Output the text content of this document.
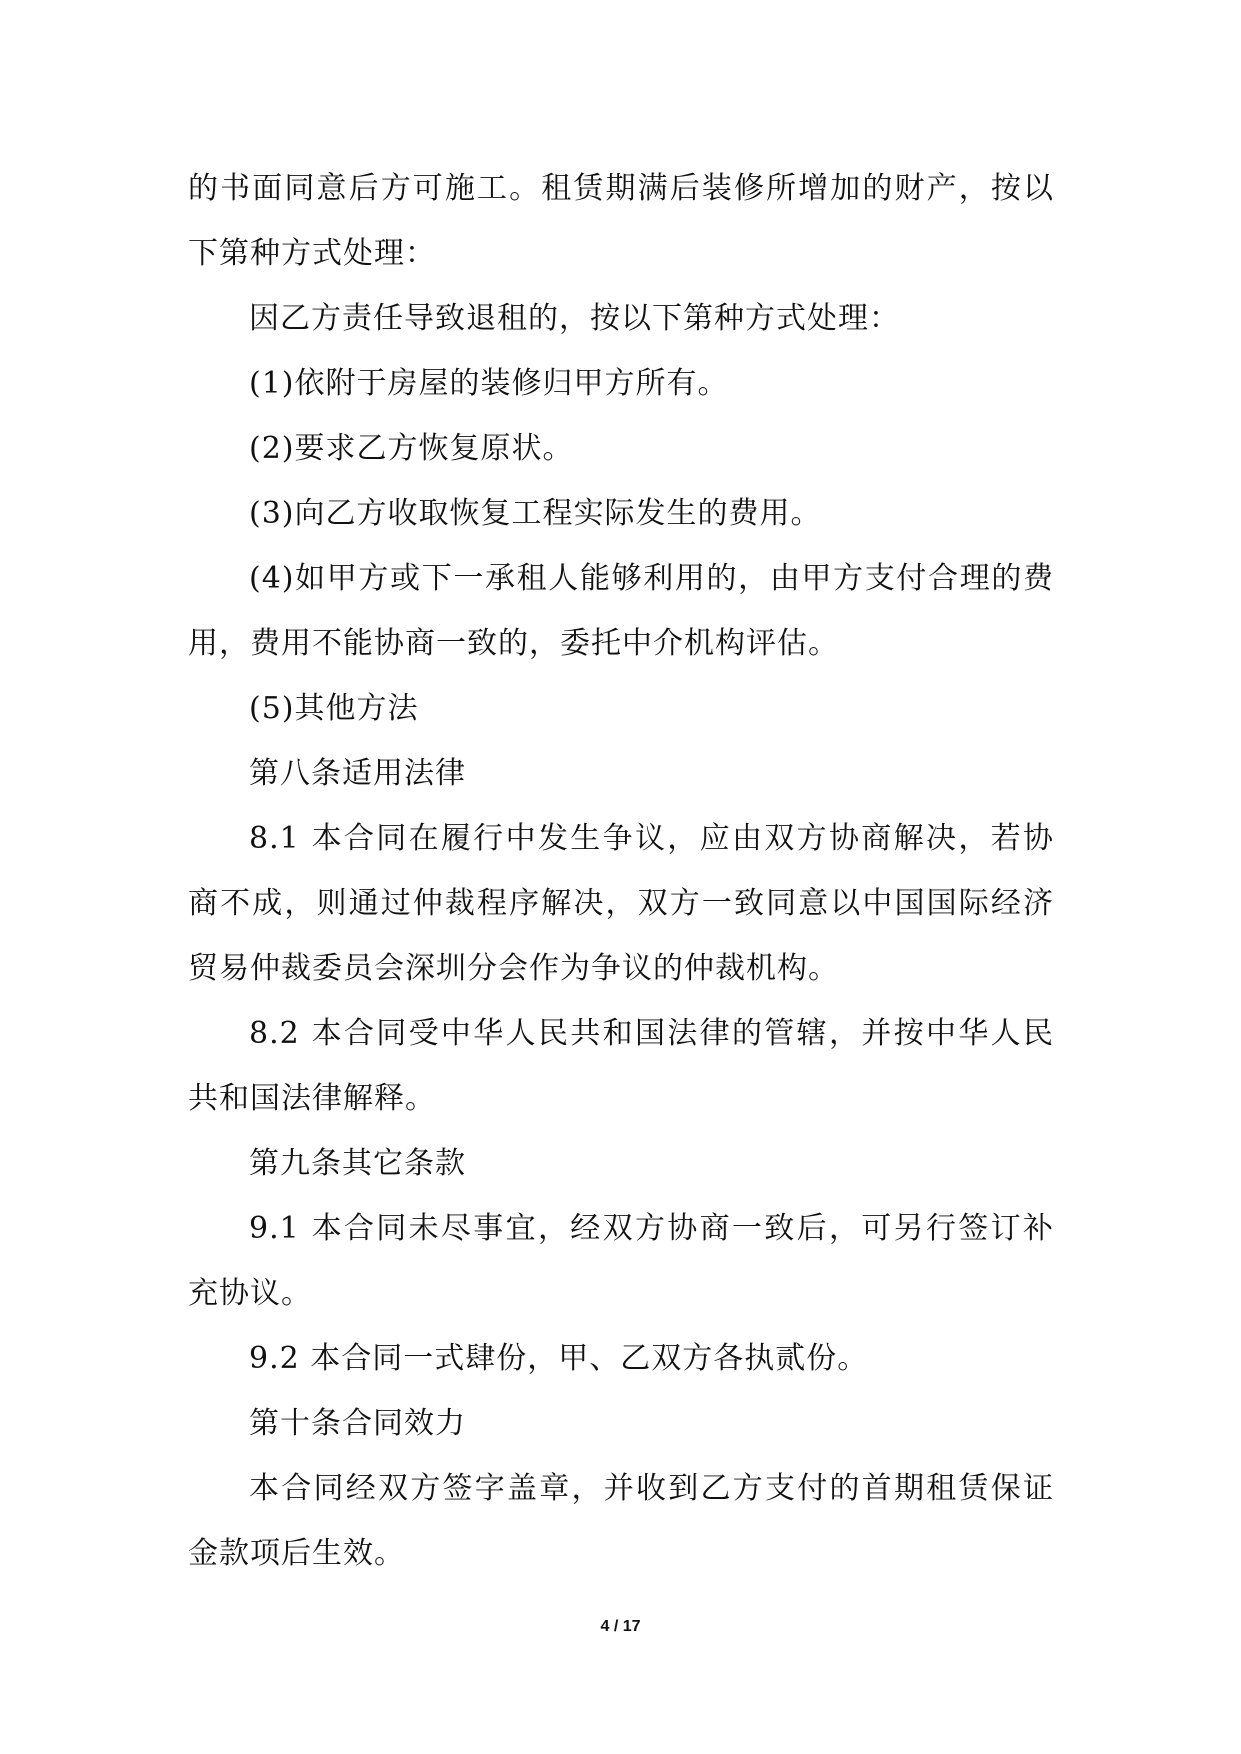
的书面同意后方可施工。租赁期满后装修所增加的财产，按以下第种方式处理：

因乙方责任导致退租的，按以下第种方式处理：

(1)依附于房屋的装修归甲方所有。

(2)要求乙方恢复原状。

(3)向乙方收取恢复工程实际发生的费用。

(4)如甲方或下一承租人能够利用的，由甲方支付合理的费用，费用不能协商一致的，委托中介机构评估。

(5)其他方法

第八条适用法律

8.1 本合同在履行中发生争议，应由双方协商解决，若协商不成，则通过仲裁程序解决，双方一致同意以中国国际经济贸易仲裁委员会深圳分会作为争议的仲裁机构。

8.2 本合同受中华人民共和国法律的管辖，并按中华人民共和国法律解释。

第九条其它条款

9.1 本合同未尽事宜，经双方协商一致后，可另行签订补充协议。

9.2 本合同一式肆份，甲、乙双方各执贰份。

第十条合同效力

本合同经双方签字盖章，并收到乙方支付的首期租赁保证金款项后生效。

4 / 17
